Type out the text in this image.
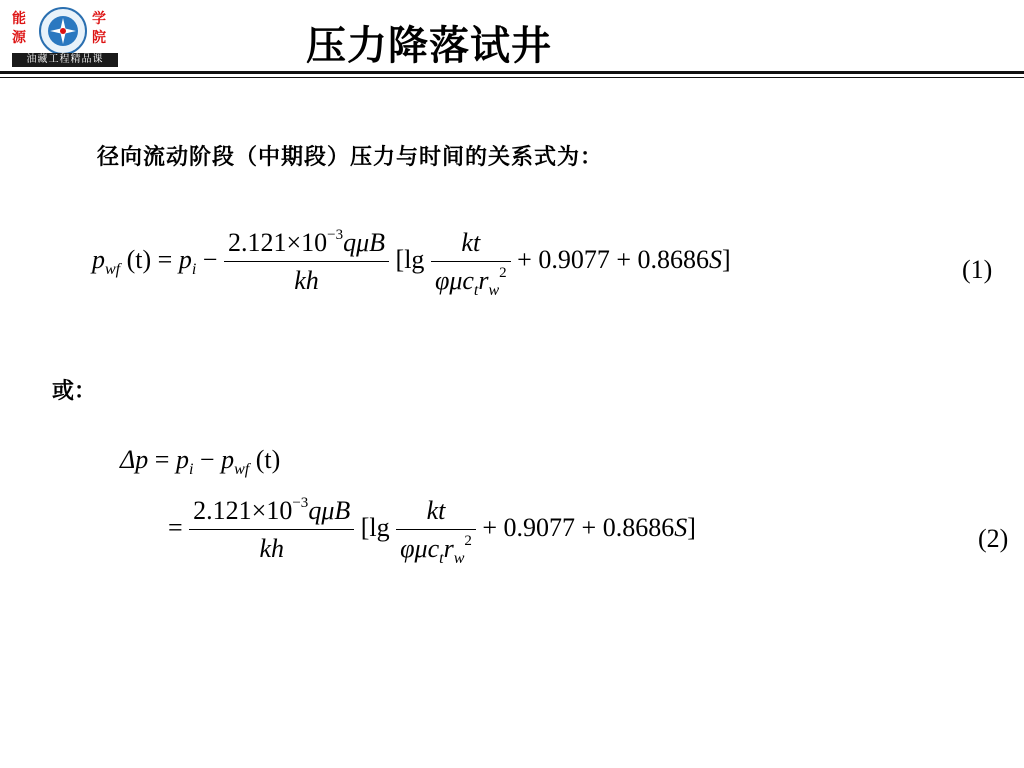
能
源
学
院
油藏工程精品课	压力降落试井
径向流动阶段（中期段）压力与时间的关系式为：
$p_{wf}$ $(t) = p_i - \frac{2.121\times 10^{-3}q\mu B}{kh} [\lg \frac{kt}{\varphi\mu c_tr_w^2} + 0.9077 + 0.8686S]$	(1)
或：
$\Delta p = p_i - p_{wf}$ (t)
= $\frac{2.121\times 10^{-3}q\mu B}{kh} [\lg \frac{kt}{\varphi\mu c_tr_w^2} + 0.9077 + 0.8686S]$	(2)
